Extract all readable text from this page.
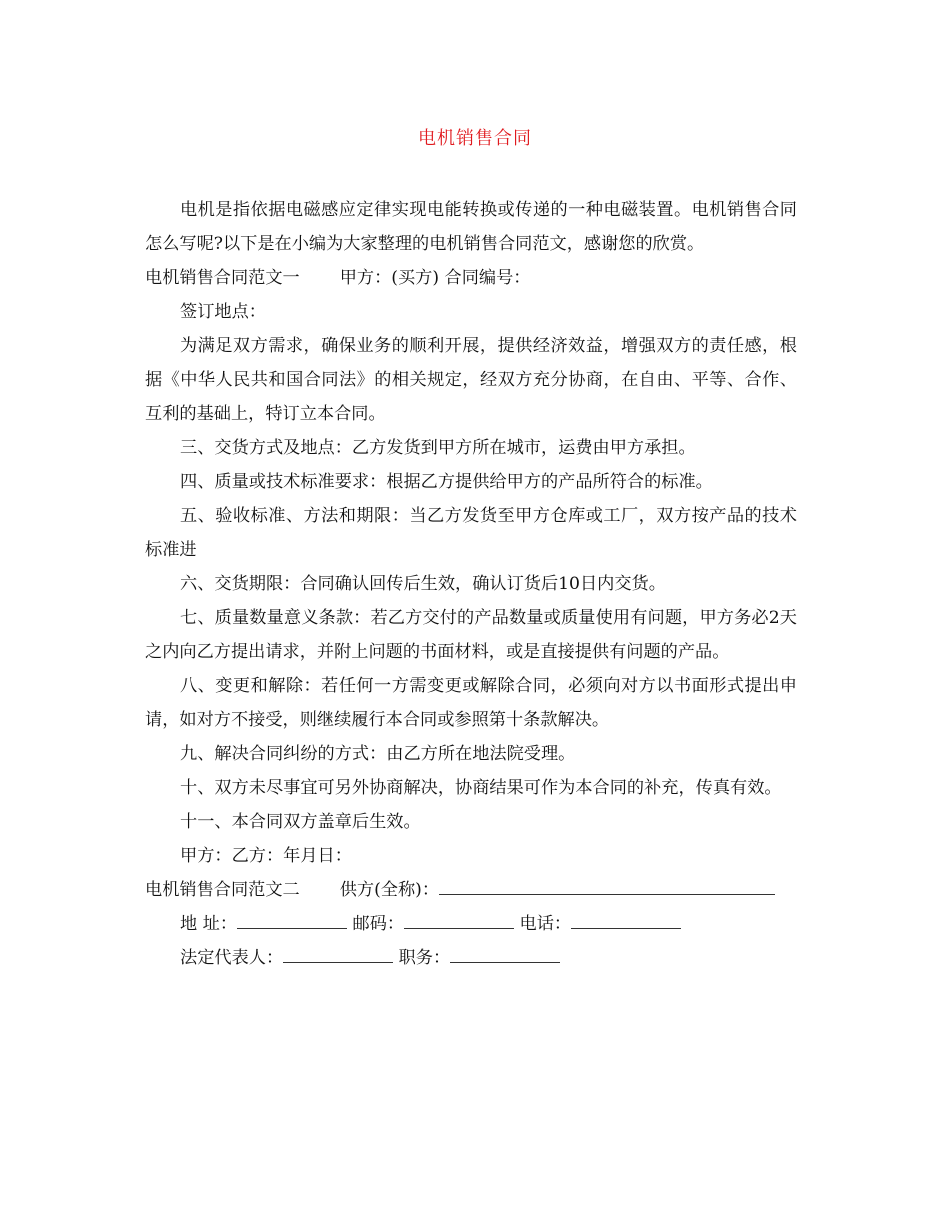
电机销售合同

电机是指依据电磁感应定律实现电能转换或传递的一种电磁装置。电机销售合同怎么写呢?以下是在小编为大家整理的电机销售合同范文，感谢您的欣赏。

电机销售合同范文一 甲方：(买方) 合同编号：

签订地点：

为满足双方需求，确保业务的顺利开展，提供经济效益，增强双方的责任感，根据《中华人民共和国合同法》的相关规定，经双方充分协商，在自由、平等、合作、互利的基础上，特订立本合同。

三、交货方式及地点：乙方发货到甲方所在城市，运费由甲方承担。

四、质量或技术标准要求：根据乙方提供给甲方的产品所符合的标准。

五、验收标准、方法和期限：当乙方发货至甲方仓库或工厂，双方按产品的技术标准进

六、交货期限：合同确认回传后生效，确认订货后10日内交货。

七、质量数量意义条款：若乙方交付的产品数量或质量使用有问题，甲方务必2天之内向乙方提出请求，并附上问题的书面材料，或是直接提供有问题的产品。

八、变更和解除：若任何一方需变更或解除合同，必须向对方以书面形式提出申请，如对方不接受，则继续履行本合同或参照第十条款解决。

九、解决合同纠纷的方式：由乙方所在地法院受理。

十、双方未尽事宜可另外协商解决，协商结果可作为本合同的补充，传真有效。

十一、本合同双方盖章后生效。

甲方：乙方：年月日：

电机销售合同范文二 供方(全称)：

地 址：	邮码：	电话：

法定代表人：	职务：
